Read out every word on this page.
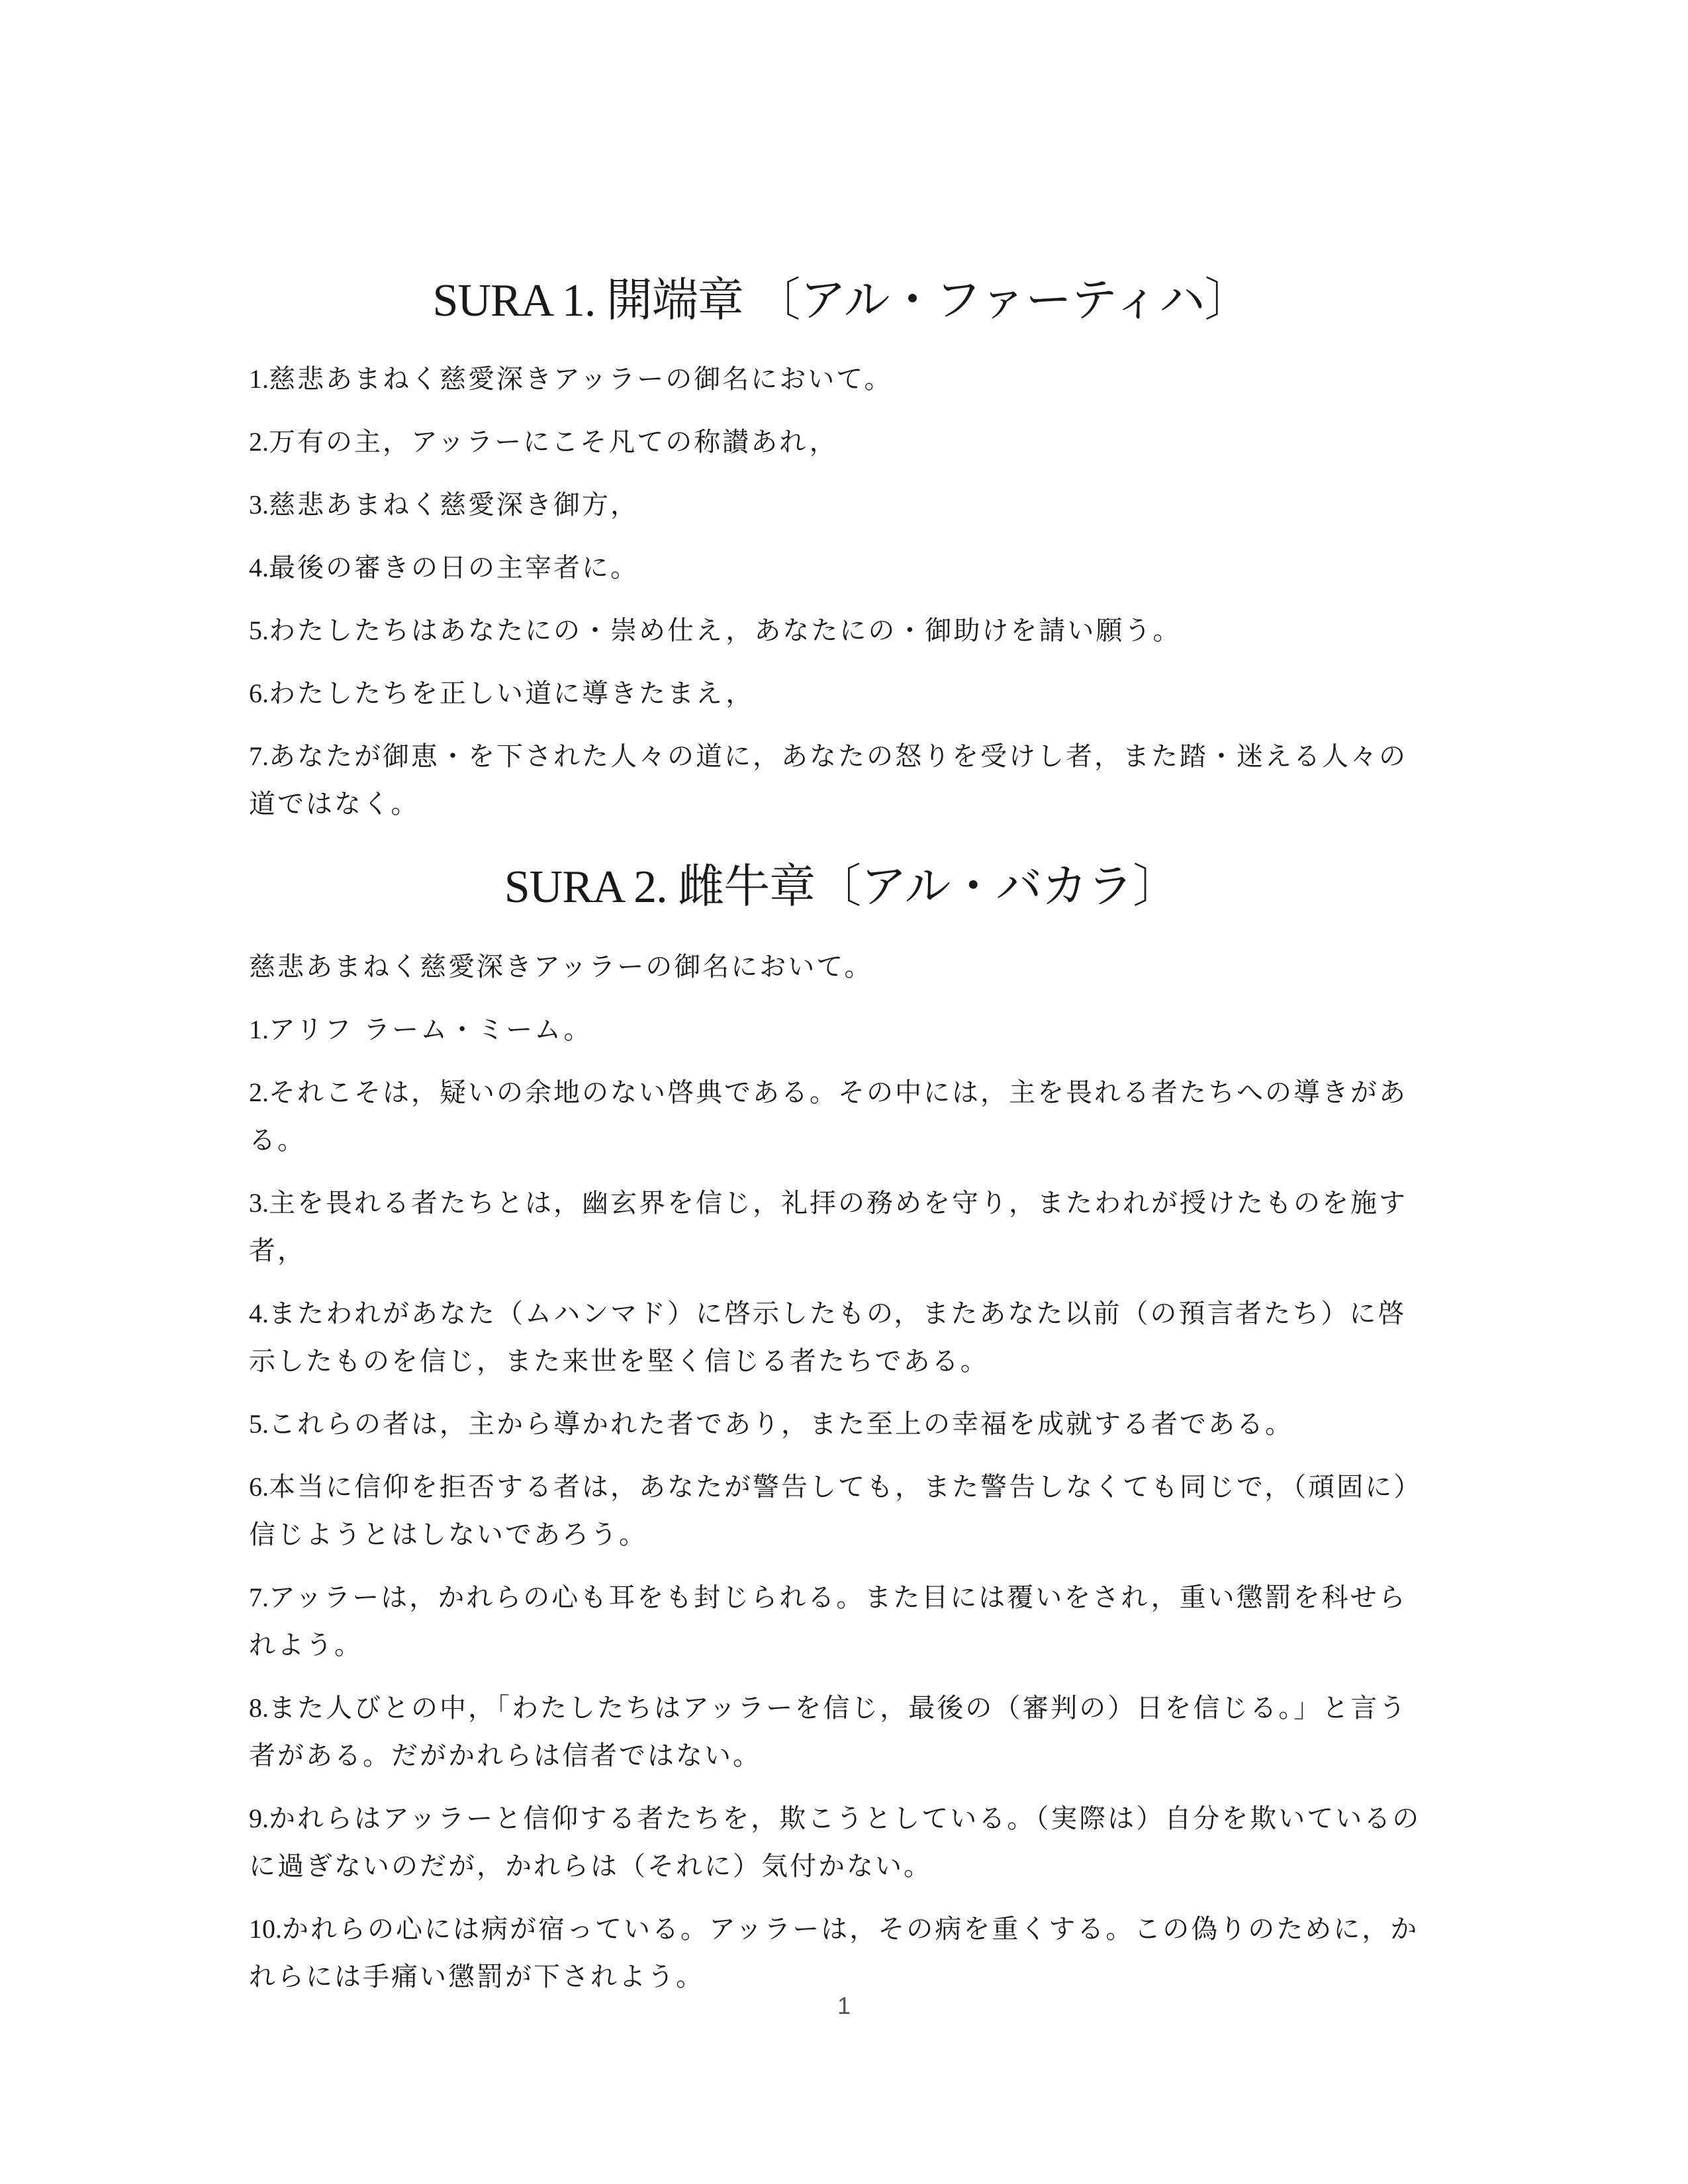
SURA 1. 開端章 〔アル・ファーティハ〕

1.慈悲あまねく慈愛深きアッラーの御名において。

2.万有の主，アッラーにこそ凡ての称讃あれ，

3.慈悲あまねく慈愛深き御方，

4.最後の審きの日の主宰者に。

5.わたしたちはあなたにの・崇め仕え，あなたにの・御助けを請い願う。

6.わたしたちを正しい道に導きたまえ，

7.あなたが御恵・を下された人々の道に，あなたの怒りを受けし者，また踏・迷える人々の道ではなく。

SURA 2. 雌牛章〔アル・バカラ〕

慈悲あまねく慈愛深きアッラーの御名において。

1.アリフ ラーム・ミーム。

2.それこそは，疑いの余地のない啓典である。その中には，主を畏れる者たちへの導きがある。

3.主を畏れる者たちとは，幽玄界を信じ，礼拝の務めを守り，またわれが授けたものを施す者，

4.またわれがあなた（ムハンマド）に啓示したもの，またあなた以前（の預言者たち）に啓示したものを信じ，また来世を堅く信じる者たちである。

5.これらの者は，主から導かれた者であり，また至上の幸福を成就する者である。

6.本当に信仰を拒否する者は，あなたが警告しても，また警告しなくても同じで，（頑固に）信じようとはしないであろう。

7.アッラーは，かれらの心も耳をも封じられる。また目には覆いをされ，重い懲罰を科せられよう。

8.また人びとの中，「わたしたちはアッラーを信じ，最後の（審判の）日を信じる。」と言う者がある。だがかれらは信者ではない。

9.かれらはアッラーと信仰する者たちを，欺こうとしている。（実際は）自分を欺いているのに過ぎないのだが，かれらは（それに）気付かない。

10.かれらの心には病が宿っている。アッラーは，その病を重くする。この偽りのために，かれらには手痛い懲罰が下されよう。

1
